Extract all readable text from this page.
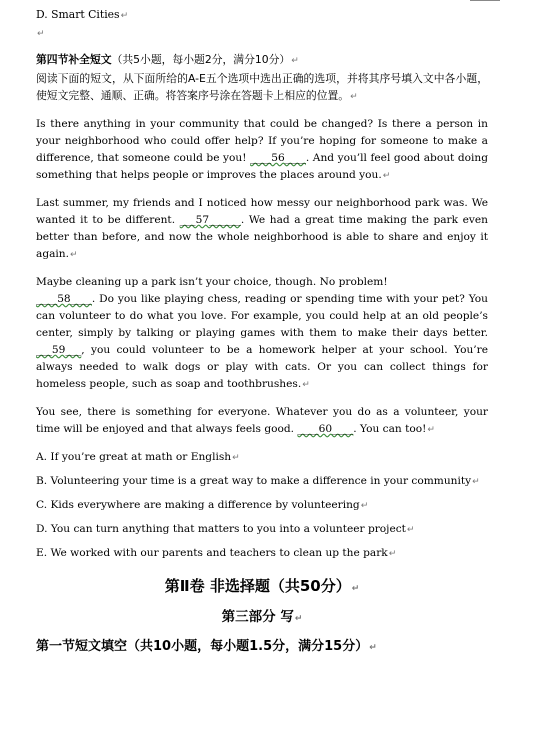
D. Smart Cities↵
↵

第四节补全短文（共5小题，每小题2分，满分10分）↵

阅读下面的短文，从下面所给的A-E五个选项中选出正确的选项，并将其序号填入文中各小题，使短文完整、通顺、正确。将答案序号涂在答题卡上相应的位置。↵

Is there anything in your community that could be changed? Is there a person in your neighborhood who could offer help? If you’re hoping for someone to make a difference, that someone could be you! ____56____. And you’ll feel good about doing something that helps people or improves the places around you.↵

Last summer, my friends and I noticed how messy our neighborhood park was. We wanted it to be different. ___57______. We had a great time making the park even better than before, and now the whole neighborhood is able to share and enjoy it again.↵

Maybe cleaning up a park isn’t your choice, though. No problem!
____58____. Do you like playing chess, reading or spending time with your pet? You can volunteer to do what you love. For example, you could help at an old people’s center, simply by talking or playing games with them to make their days better. ___59___, you could volunteer to be a homework helper at your school. You’re always needed to walk dogs or play with cats. Or you can collect things for homeless people, such as soap and toothbrushes.↵

You see, there is something for everyone. Whatever you do as a volunteer, your time will be enjoyed and that always feels good. ____60____. You can too!↵

A. If you’re great at math or English↵

B. Volunteering your time is a great way to make a difference in your community↵

C. Kids everywhere are making a difference by volunteering↵

D. You can turn anything that matters to you into a volunteer project↵

E. We worked with our parents and teachers to clean up the park↵

第Ⅱ卷 非选择题（共50分）↵
第三部分 写↵
第一节短文填空（共10小题，每小题1.5分，满分15分）↵
